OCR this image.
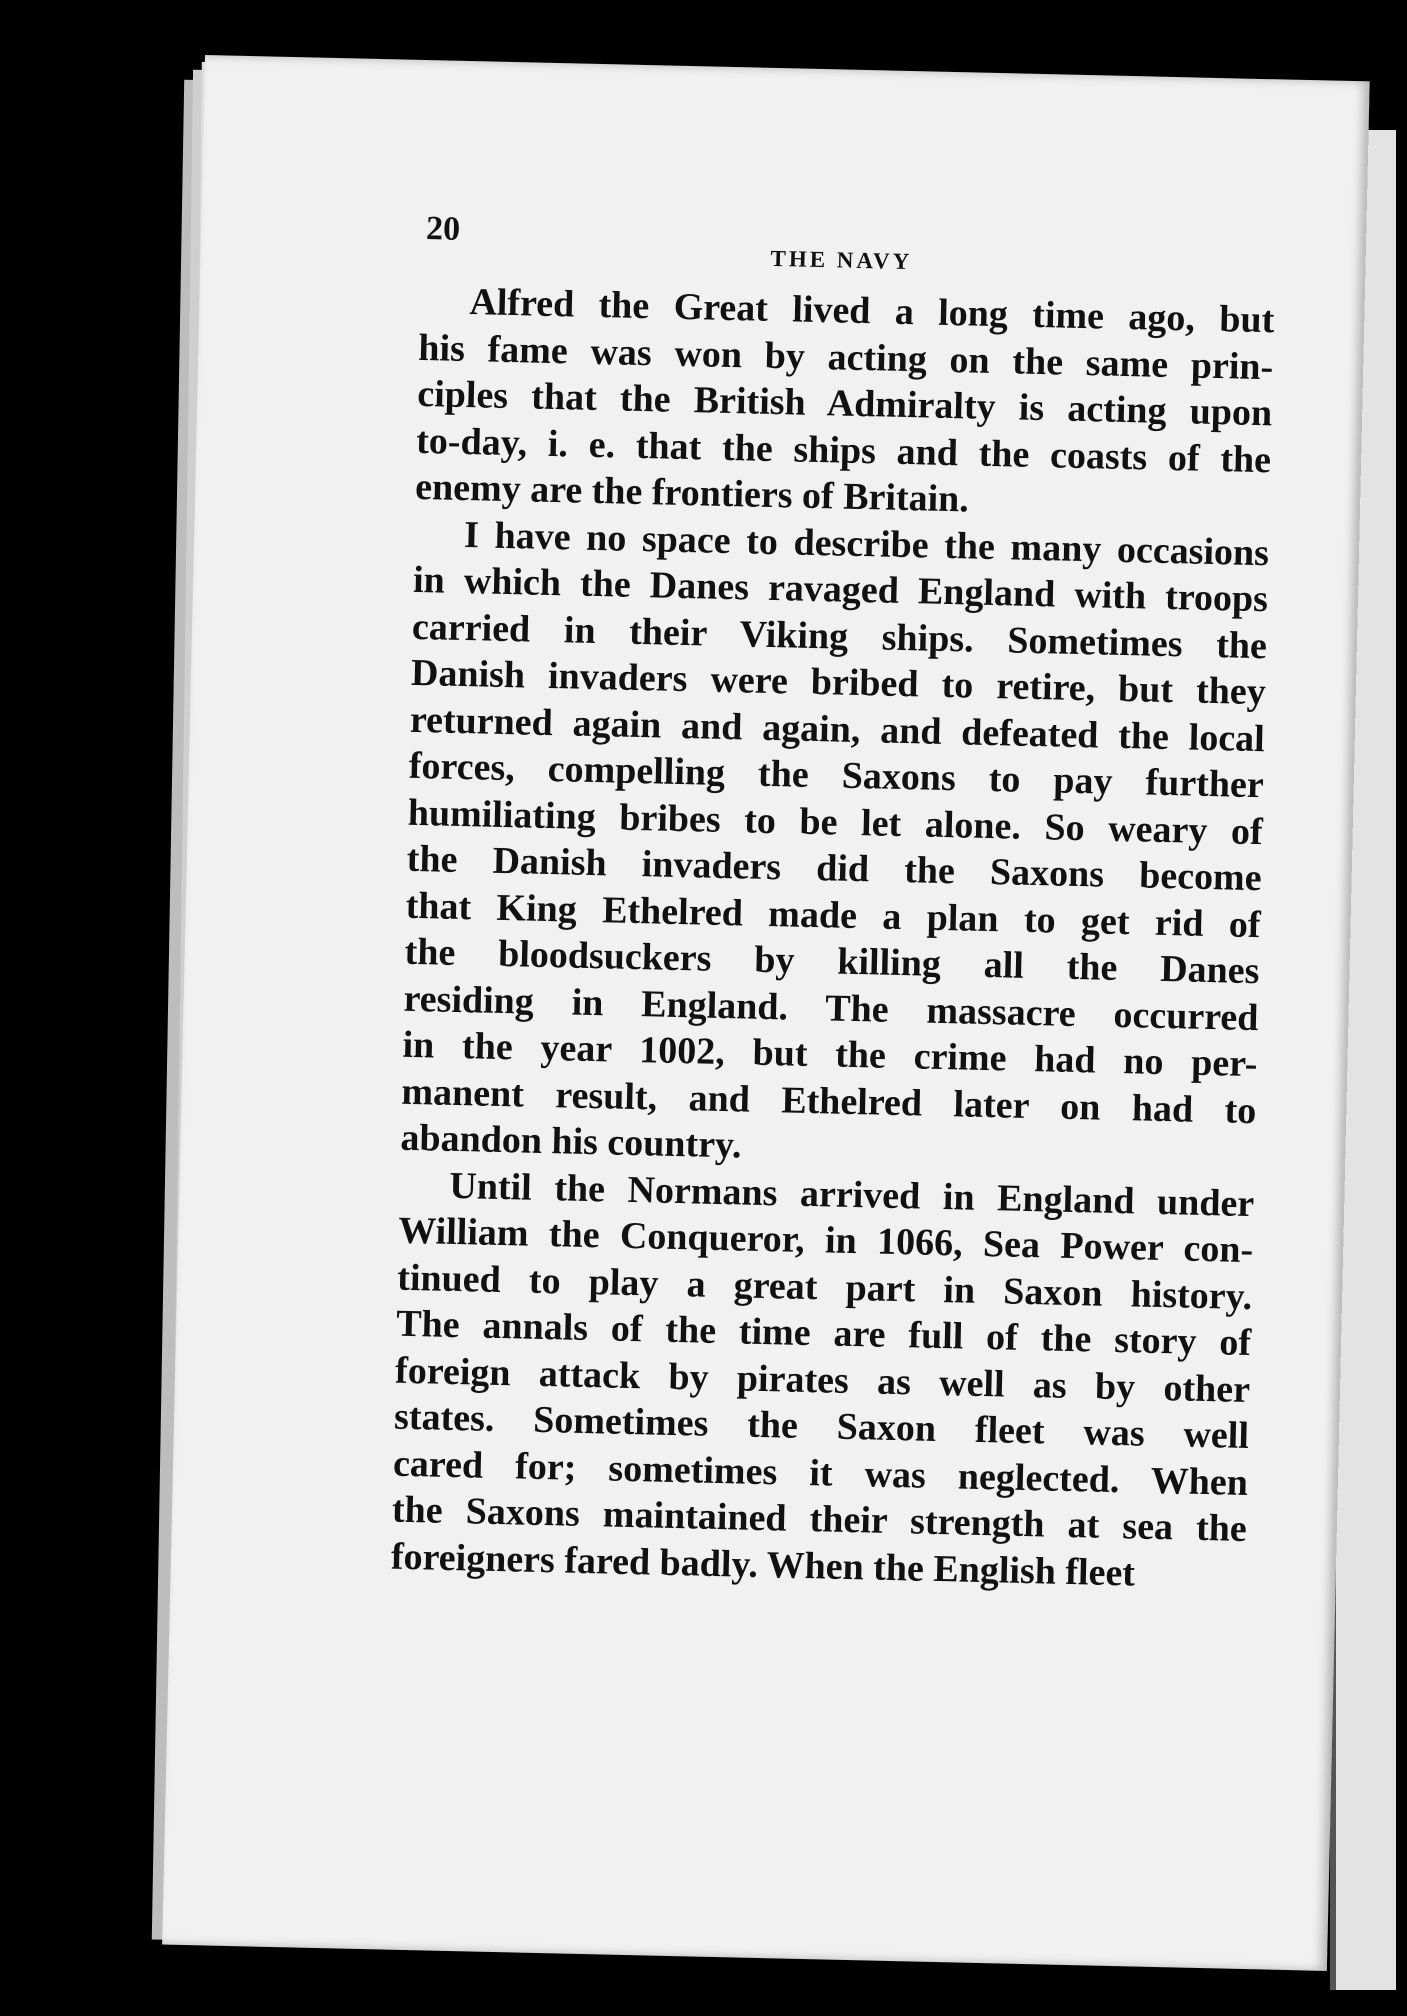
20
THE NAVY
Alfred the Great lived a long time ago, but
his fame was won by acting on the same prin-
ciples that the British Admiralty is acting upon
to-day, i. e. that the ships and the coasts of the
enemy are the frontiers of Britain.
I have no space to describe the many occasions
in which the Danes ravaged England with troops
carried in their Viking ships. Sometimes the
Danish invaders were bribed to retire, but they
returned again and again, and defeated the local
forces, compelling the Saxons to pay further
humiliating bribes to be let alone. So weary of
the Danish invaders did the Saxons become
that King Ethelred made a plan to get rid of
the bloodsuckers by killing all the Danes
residing in England. The massacre occurred
in the year 1002, but the crime had no per-
manent result, and Ethelred later on had to
abandon his country.
Until the Normans arrived in England under
William the Conqueror, in 1066, Sea Power con-
tinued to play a great part in Saxon history.
The annals of the time are full of the story of
foreign attack by pirates as well as by other
states. Sometimes the Saxon fleet was well
cared for; sometimes it was neglected. When
the Saxons maintained their strength at sea the
foreigners fared badly. When the English fleet
